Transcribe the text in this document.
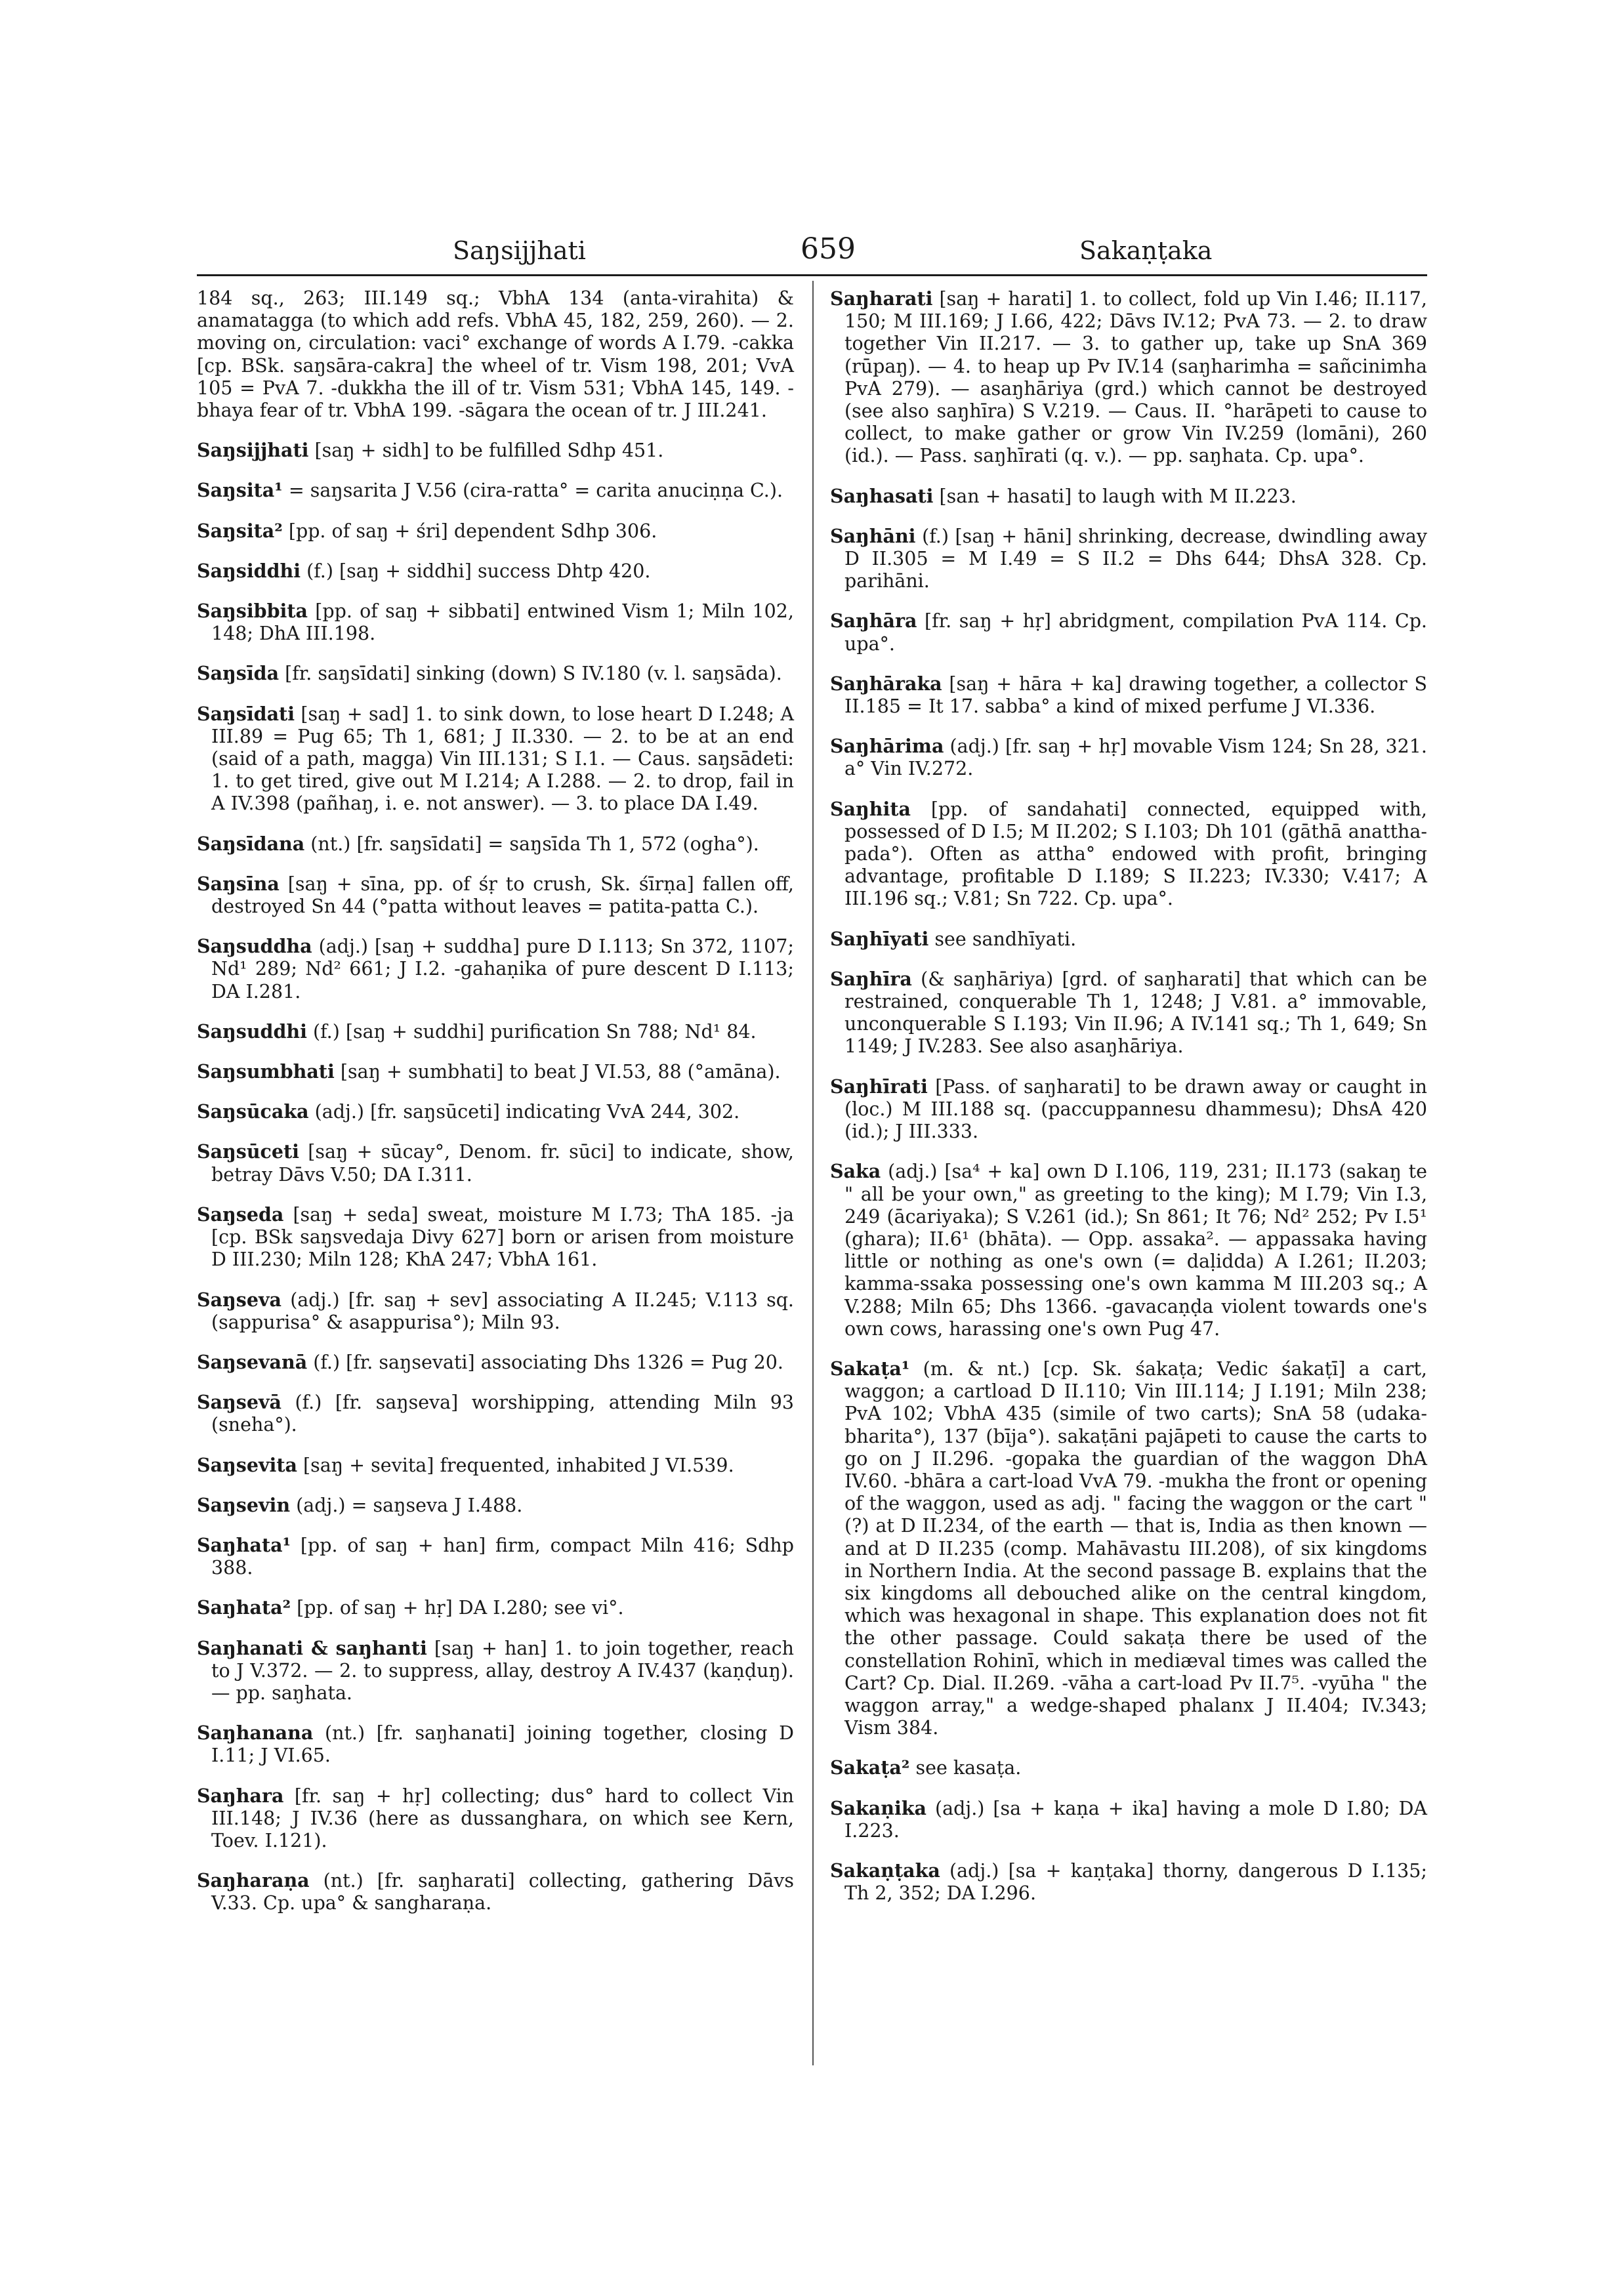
Saŋsijjhati	659	Sakaṇṭaka

184 sq., 263; III.149 sq.; VbhA 134 (anta-virahita) & anamatagga (to which add refs. VbhA 45, 182, 259, 260). — 2. moving on, circulation: vaci° exchange of words A I.79. -cakka [cp. BSk. saŋsāra-cakra] the wheel of tr. Vism 198, 201; VvA 105 = PvA 7. -dukkha the ill of tr. Vism 531; VbhA 145, 149. -bhaya fear of tr. VbhA 199. -sāgara the ocean of tr. J III.241.

Saŋsijjhati [saŋ + sidh] to be fulfilled Sdhp 451.

Saŋsita¹ = saŋsarita J V.56 (cira-ratta° = carita anuciṇṇa C.).

Saŋsita² [pp. of saŋ + śri] dependent Sdhp 306.

Saŋsiddhi (f.) [saŋ + siddhi] success Dhtp 420.

Saŋsibbita [pp. of saŋ + sibbati] entwined Vism 1; Miln 102, 148; DhA III.198.

Saŋsīda [fr. saŋsīdati] sinking (down) S IV.180 (v. l. saŋsāda).

Saŋsīdati [saŋ + sad] 1. to sink down, to lose heart D I.248; A III.89 = Pug 65; Th 1, 681; J II.330. — 2. to be at an end (said of a path, magga) Vin III.131; S I.1. — Caus. saŋsādeti: 1. to get tired, give out M I.214; A I.288. — 2. to drop, fail in A IV.398 (pañhaŋ, i. e. not answer). — 3. to place DA I.49.

Saŋsīdana (nt.) [fr. saŋsīdati] = saŋsīda Th 1, 572 (ogha°).

Saŋsīna [saŋ + sīna, pp. of śṛ to crush, Sk. śīrṇa] fallen off, destroyed Sn 44 (°patta without leaves = patita-patta C.).

Saŋsuddha (adj.) [saŋ + suddha] pure D I.113; Sn 372, 1107; Nd¹ 289; Nd² 661; J I.2. -gahaṇika of pure descent D I.113; DA I.281.

Saŋsuddhi (f.) [saŋ + suddhi] purification Sn 788; Nd¹ 84.

Saŋsumbhati [saŋ + sumbhati] to beat J VI.53, 88 (°amāna).

Saŋsūcaka (adj.) [fr. saŋsūceti] indicating VvA 244, 302.

Saŋsūceti [saŋ + sūcay°, Denom. fr. sūci] to indicate, show, betray Dāvs V.50; DA I.311.

Saŋseda [saŋ + seda] sweat, moisture M I.73; ThA 185. -ja [cp. BSk saŋsvedaja Divy 627] born or arisen from moisture D III.230; Miln 128; KhA 247; VbhA 161.

Saŋseva (adj.) [fr. saŋ + sev] associating A II.245; V.113 sq. (sappurisa° & asappurisa°); Miln 93.

Saŋsevanā (f.) [fr. saŋsevati] associating Dhs 1326 = Pug 20.

Saŋsevā (f.) [fr. saŋseva] worshipping, attending Miln 93 (sneha°).

Saŋsevita [saŋ + sevita] frequented, inhabited J VI.539.

Saŋsevin (adj.) = saŋseva J I.488.

Saŋhata¹ [pp. of saŋ + han] firm, compact Miln 416; Sdhp 388.

Saŋhata² [pp. of saŋ + hṛ] DA I.280; see vi°.

Saŋhanati & saŋhanti [saŋ + han] 1. to join together, reach to J V.372. — 2. to suppress, allay, destroy A IV.437 (kaṇḍuŋ). — pp. saŋhata.

Saŋhanana (nt.) [fr. saŋhanati] joining together, closing D I.11; J VI.65.

Saŋhara [fr. saŋ + hṛ] collecting; dus° hard to collect Vin III.148; J IV.36 (here as dussanghara, on which see Kern, Toev. I.121).

Saŋharaṇa (nt.) [fr. saŋharati] collecting, gathering Dāvs V.33. Cp. upa° & sangharaṇa.

Saŋharati [saŋ + harati] 1. to collect, fold up Vin I.46; II.117, 150; M III.169; J I.66, 422; Dāvs IV.12; PvA 73. — 2. to draw together Vin II.217. — 3. to gather up, take up SnA 369 (rūpaŋ). — 4. to heap up Pv IV.14 (saŋharimha = sañcinimha PvA 279). — asaŋhāriya (grd.) which cannot be destroyed (see also saŋhīra) S V.219. — Caus. II. °harāpeti to cause to collect, to make gather or grow Vin IV.259 (lomāni), 260 (id.). — Pass. saŋhīrati (q. v.). — pp. saŋhata. Cp. upa°.

Saŋhasati [san + hasati] to laugh with M II.223.

Saŋhāni (f.) [saŋ + hāni] shrinking, decrease, dwindling away D II.305 = M I.49 = S II.2 = Dhs 644; DhsA 328. Cp. parihāni.

Saŋhāra [fr. saŋ + hṛ] abridgment, compilation PvA 114. Cp. upa°.

Saŋhāraka [saŋ + hāra + ka] drawing together, a collector S II.185 = It 17. sabba° a kind of mixed perfume J VI.336.

Saŋhārima (adj.) [fr. saŋ + hṛ] movable Vism 124; Sn 28, 321. a° Vin IV.272.

Saŋhita [pp. of sandahati] connected, equipped with, possessed of D I.5; M II.202; S I.103; Dh 101 (gāthā anattha-pada°). Often as attha° endowed with profit, bringing advantage, profitable D I.189; S II.223; IV.330; V.417; A III.196 sq.; V.81; Sn 722. Cp. upa°.

Saŋhīyati see sandhīyati.

Saŋhīra (& saŋhāriya) [grd. of saŋharati] that which can be restrained, conquerable Th 1, 1248; J V.81. a° immovable, unconquerable S I.193; Vin II.96; A IV.141 sq.; Th 1, 649; Sn 1149; J IV.283. See also asaŋhāriya.

Saŋhīrati [Pass. of saŋharati] to be drawn away or caught in (loc.) M III.188 sq. (paccuppannesu dhammesu); DhsA 420 (id.); J III.333.

Saka (adj.) [sa⁴ + ka] own D I.106, 119, 231; II.173 (sakaŋ te " all be your own," as greeting to the king); M I.79; Vin I.3, 249 (ācariyaka); S V.261 (id.); Sn 861; It 76; Nd² 252; Pv I.5¹ (ghara); II.6¹ (bhāta). — Opp. assaka². — appassaka having little or nothing as one's own (= daḷidda) A I.261; II.203; kamma-ssaka possessing one's own kamma M III.203 sq.; A V.288; Miln 65; Dhs 1366. -gavacaṇḍa violent towards one's own cows, harassing one's own Pug 47.

Sakaṭa¹ (m. & nt.) [cp. Sk. śakaṭa; Vedic śakaṭī] a cart, waggon; a cartload D II.110; Vin III.114; J I.191; Miln 238; PvA 102; VbhA 435 (simile of two carts); SnA 58 (udaka-bharita°), 137 (bīja°). sakaṭāni pajāpeti to cause the carts to go on J II.296. -gopaka the guardian of the waggon DhA IV.60. -bhāra a cart-load VvA 79. -mukha the front or opening of the waggon, used as adj. " facing the waggon or the cart " (?) at D II.234, of the earth — that is, India as then known — and at D II.235 (comp. Mahāvastu III.208), of six kingdoms in Northern India. At the second passage B. explains that the six kingdoms all debouched alike on the central kingdom, which was hexagonal in shape. This explanation does not fit the other passage. Could sakaṭa there be used of the constellation Rohinī, which in mediæval times was called the Cart? Cp. Dial. II.269. -vāha a cart-load Pv II.7⁵. -vyūha " the waggon array," a wedge-shaped phalanx J II.404; IV.343; Vism 384.

Sakaṭa² see kasaṭa.

Sakaṇika (adj.) [sa + kaṇa + ika] having a mole D I.80; DA I.223.

Sakaṇṭaka (adj.) [sa + kaṇṭaka] thorny, dangerous D I.135; Th 2, 352; DA I.296.
